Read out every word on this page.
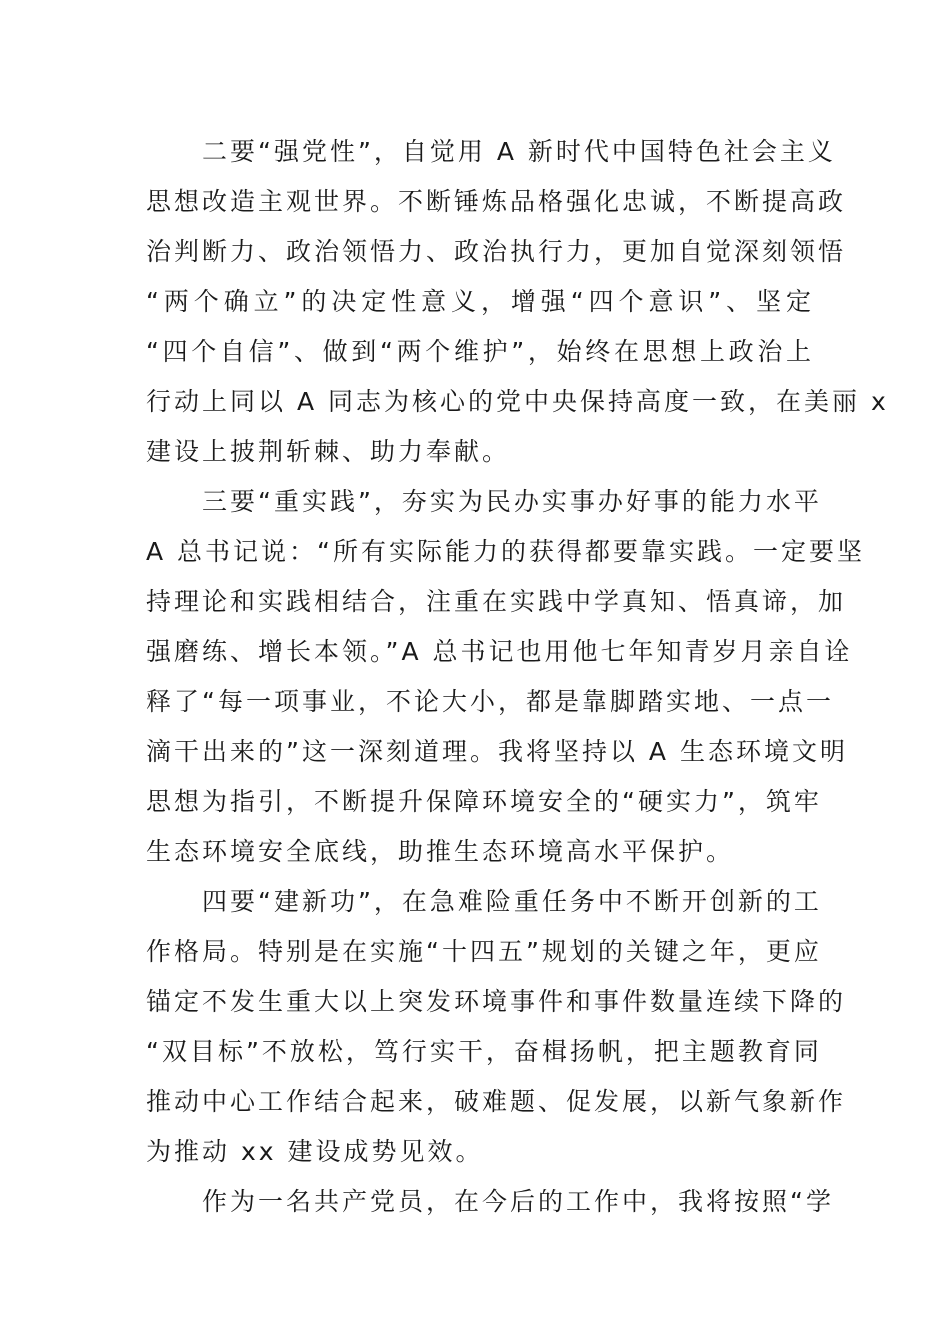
二要“强党性”，自觉用 A 新时代中国特色社会主义
思想改造主观世界。不断锤炼品格强化忠诚，不断提高政
治判断力、政治领悟力、政治执行力，更加自觉深刻领悟
“两个确立”的决定性意义，增强“四个意识”、坚定
“四个自信”、做到“两个维护”，始终在思想上政治上
行动上同以 A 同志为核心的党中央保持高度一致，在美丽 x
建设上披荆斩棘、助力奉献。
三要“重实践”，夯实为民办实事办好事的能力水平
A 总书记说：“所有实际能力的获得都要靠实践。一定要坚
持理论和实践相结合，注重在实践中学真知、悟真谛，加
强磨练、增长本领。”A 总书记也用他七年知青岁月亲自诠
释了“每一项事业，不论大小，都是靠脚踏实地、一点一
滴干出来的”这一深刻道理。我将坚持以 A 生态环境文明
思想为指引，不断提升保障环境安全的“硬实力”，筑牢
生态环境安全底线，助推生态环境高水平保护。
四要“建新功”，在急难险重任务中不断开创新的工
作格局。特别是在实施“十四五”规划的关键之年，更应
锚定不发生重大以上突发环境事件和事件数量连续下降的
“双目标”不放松，笃行实干，奋楫扬帆，把主题教育同
推动中心工作结合起来，破难题、促发展，以新气象新作
为推动 xx 建设成势见效。
作为一名共产党员，在今后的工作中，我将按照“学
